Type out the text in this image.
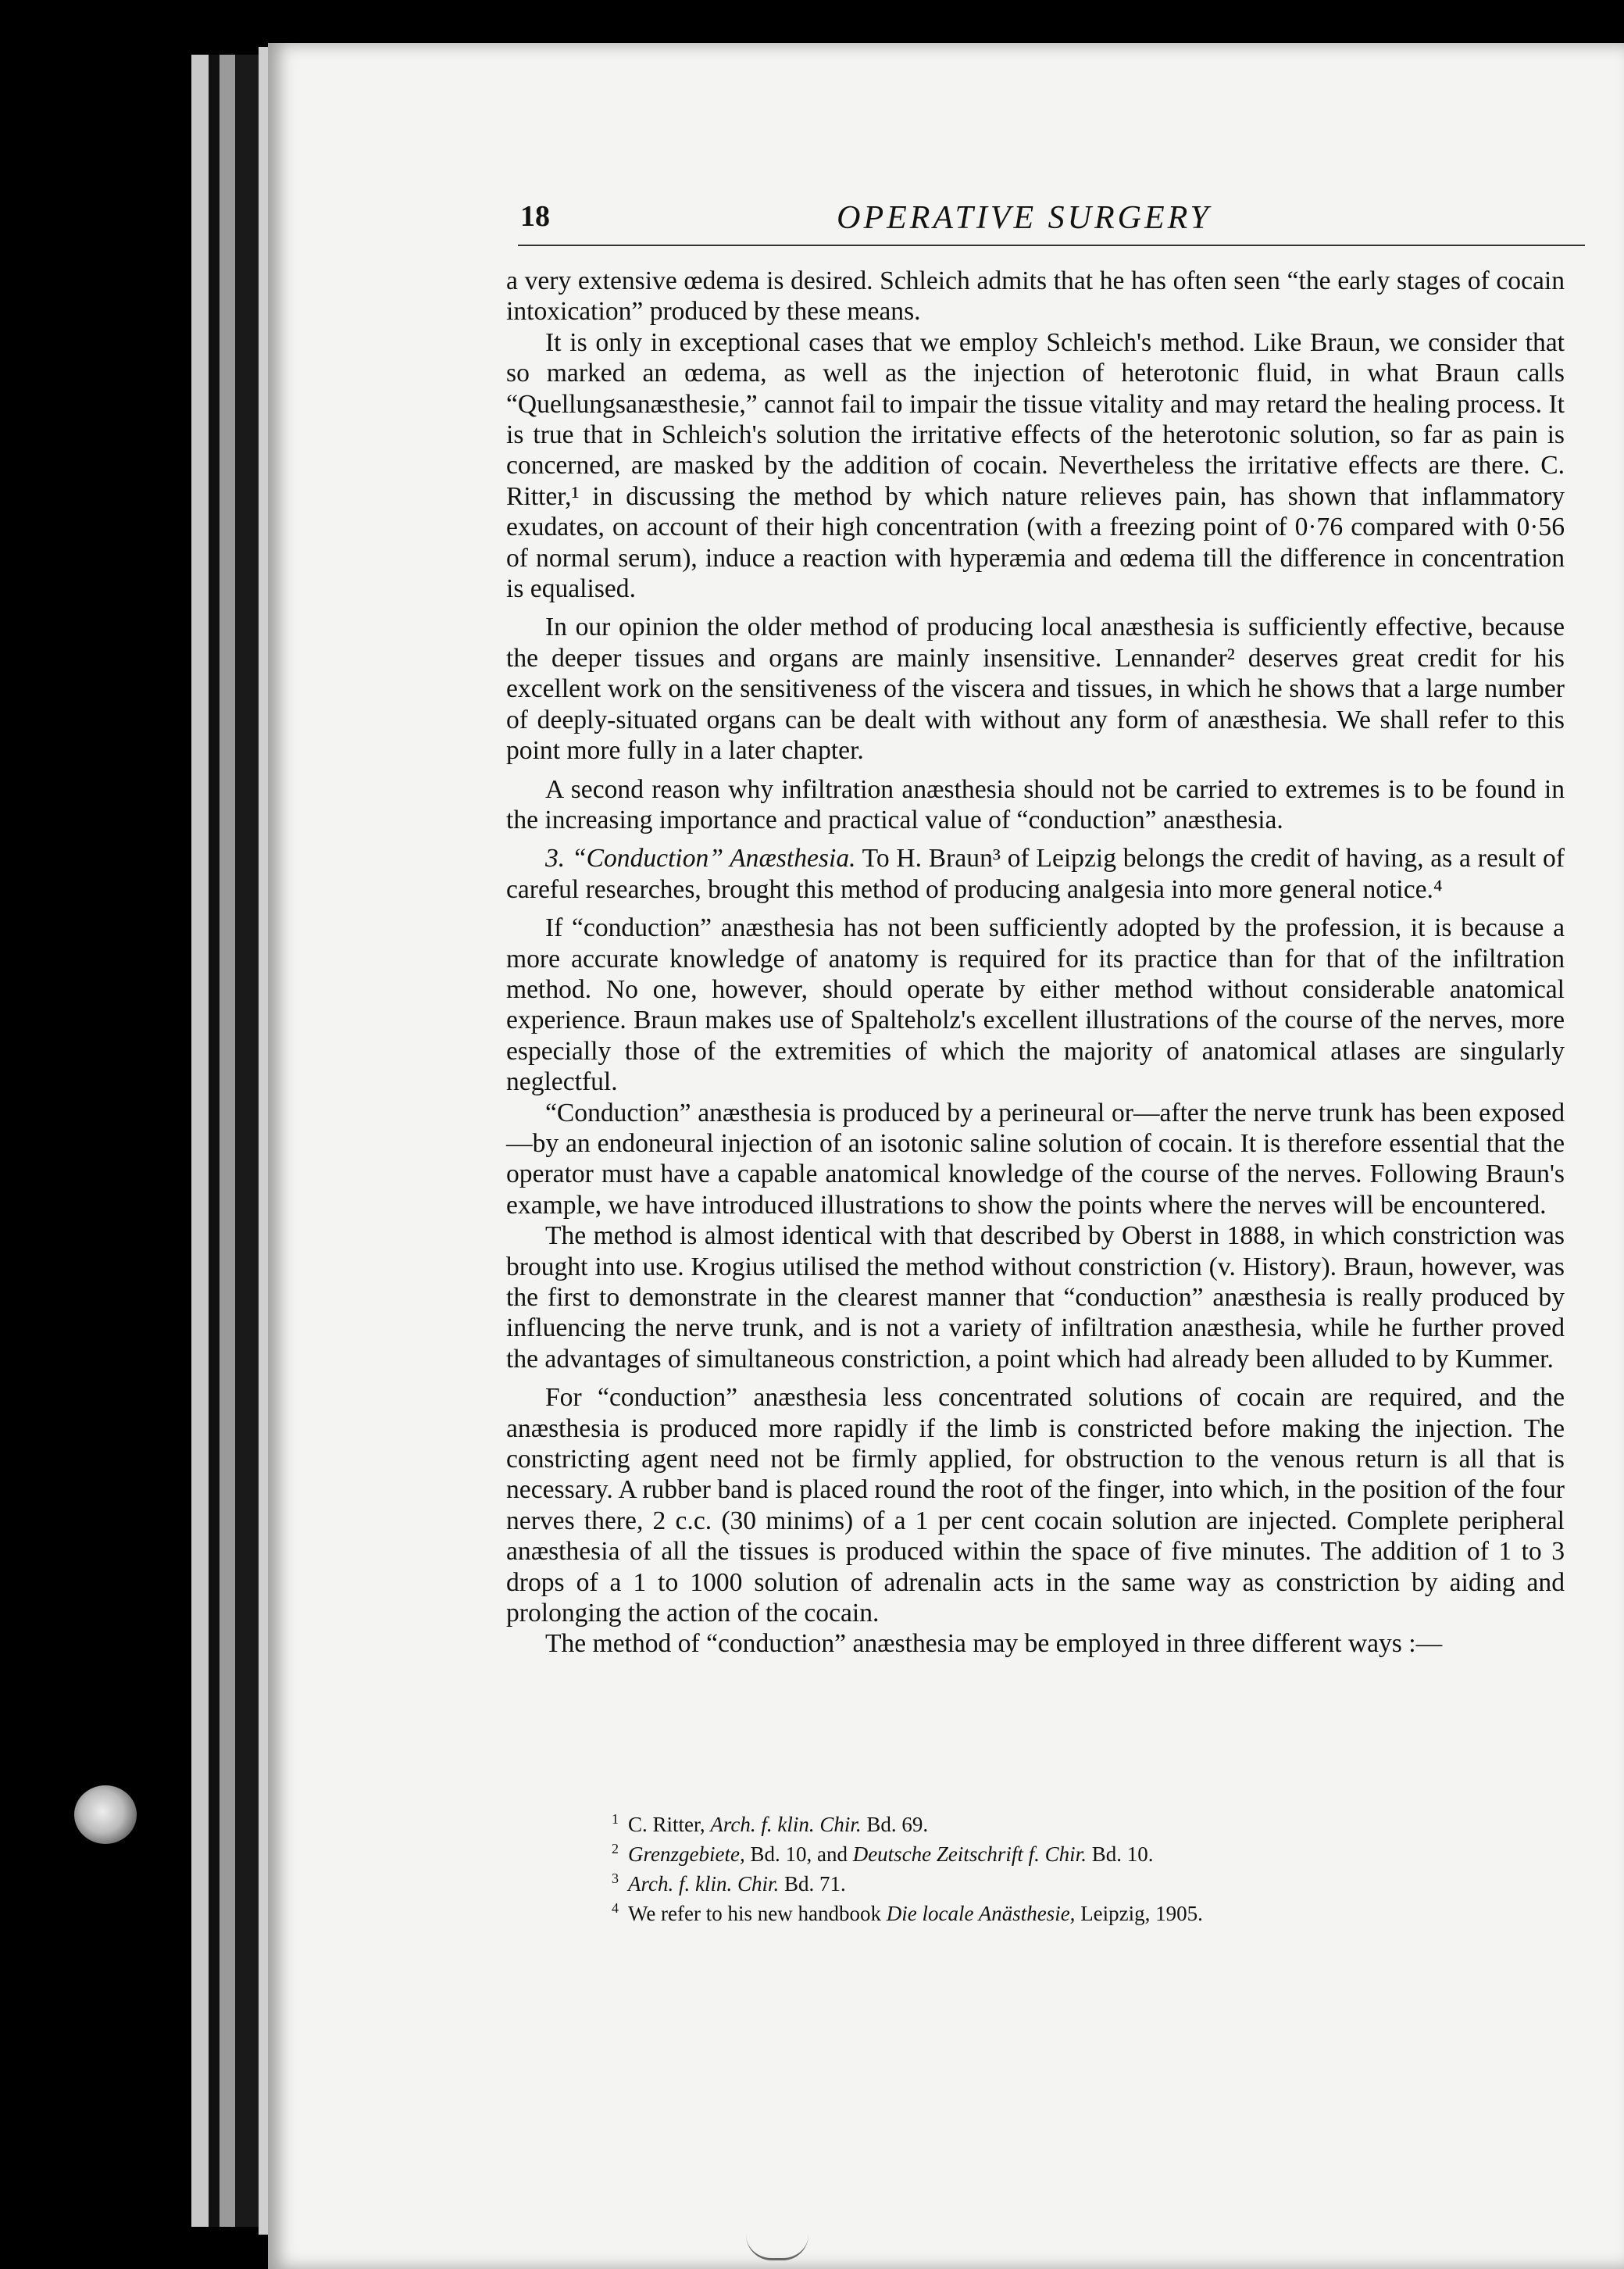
18	OPERATIVE SURGERY

a very extensive œdema is desired. Schleich admits that he has often seen “the early stages of cocain intoxication” produced by these means.

It is only in exceptional cases that we employ Schleich's method. Like Braun, we consider that so marked an œdema, as well as the injection of heterotonic fluid, in what Braun calls “Quellungsanæsthesie,” cannot fail to impair the tissue vitality and may retard the healing process. It is true that in Schleich's solution the irritative effects of the heterotonic solution, so far as pain is concerned, are masked by the addition of cocain. Nevertheless the irritative effects are there. C. Ritter,¹ in discussing the method by which nature relieves pain, has shown that inflammatory exudates, on account of their high concentration (with a freezing point of 0·76 compared with 0·56 of normal serum), induce a reaction with hyperæmia and œdema till the difference in concentration is equalised.

In our opinion the older method of producing local anæsthesia is sufficiently effective, because the deeper tissues and organs are mainly insensitive. Lennander² deserves great credit for his excellent work on the sensitiveness of the viscera and tissues, in which he shows that a large number of deeply-situated organs can be dealt with without any form of anæsthesia. We shall refer to this point more fully in a later chapter.

A second reason why infiltration anæsthesia should not be carried to extremes is to be found in the increasing importance and practical value of “conduction” anæsthesia.

3. “Conduction” Anæsthesia. To H. Braun³ of Leipzig belongs the credit of having, as a result of careful researches, brought this method of producing analgesia into more general notice.⁴

If “conduction” anæsthesia has not been sufficiently adopted by the profession, it is because a more accurate knowledge of anatomy is required for its practice than for that of the infiltration method. No one, however, should operate by either method without considerable anatomical experience. Braun makes use of Spalteholz's excellent illustrations of the course of the nerves, more especially those of the extremities of which the majority of anatomical atlases are singularly neglectful.

“Conduction” anæsthesia is produced by a perineural or—after the nerve trunk has been exposed—by an endoneural injection of an isotonic saline solution of cocain. It is therefore essential that the operator must have a capable anatomical knowledge of the course of the nerves. Following Braun's example, we have introduced illustrations to show the points where the nerves will be encountered.

The method is almost identical with that described by Oberst in 1888, in which constriction was brought into use. Krogius utilised the method without constriction (v. History). Braun, however, was the first to demonstrate in the clearest manner that “conduction” anæsthesia is really produced by influencing the nerve trunk, and is not a variety of infiltration anæsthesia, while he further proved the advantages of simultaneous constriction, a point which had already been alluded to by Kummer.

For “conduction” anæsthesia less concentrated solutions of cocain are required, and the anæsthesia is produced more rapidly if the limb is constricted before making the injection. The constricting agent need not be firmly applied, for obstruction to the venous return is all that is necessary. A rubber band is placed round the root of the finger, into which, in the position of the four nerves there, 2 c.c. (30 minims) of a 1 per cent cocain solution are injected. Complete peripheral anæsthesia of all the tissues is produced within the space of five minutes. The addition of 1 to 3 drops of a 1 to 1000 solution of adrenalin acts in the same way as constriction by aiding and prolonging the action of the cocain.

The method of “conduction” anæsthesia may be employed in three different ways :—

$^1$ C. Ritter, Arch. f. klin. Chir. Bd. 69.

$^2$ Grenzgebiete, Bd. 10, and Deutsche Zeitschrift f. Chir. Bd. 10.

$^3$ Arch. f. klin. Chir. Bd. 71.

$^4$ We refer to his new handbook Die locale Anästhesie, Leipzig, 1905.
